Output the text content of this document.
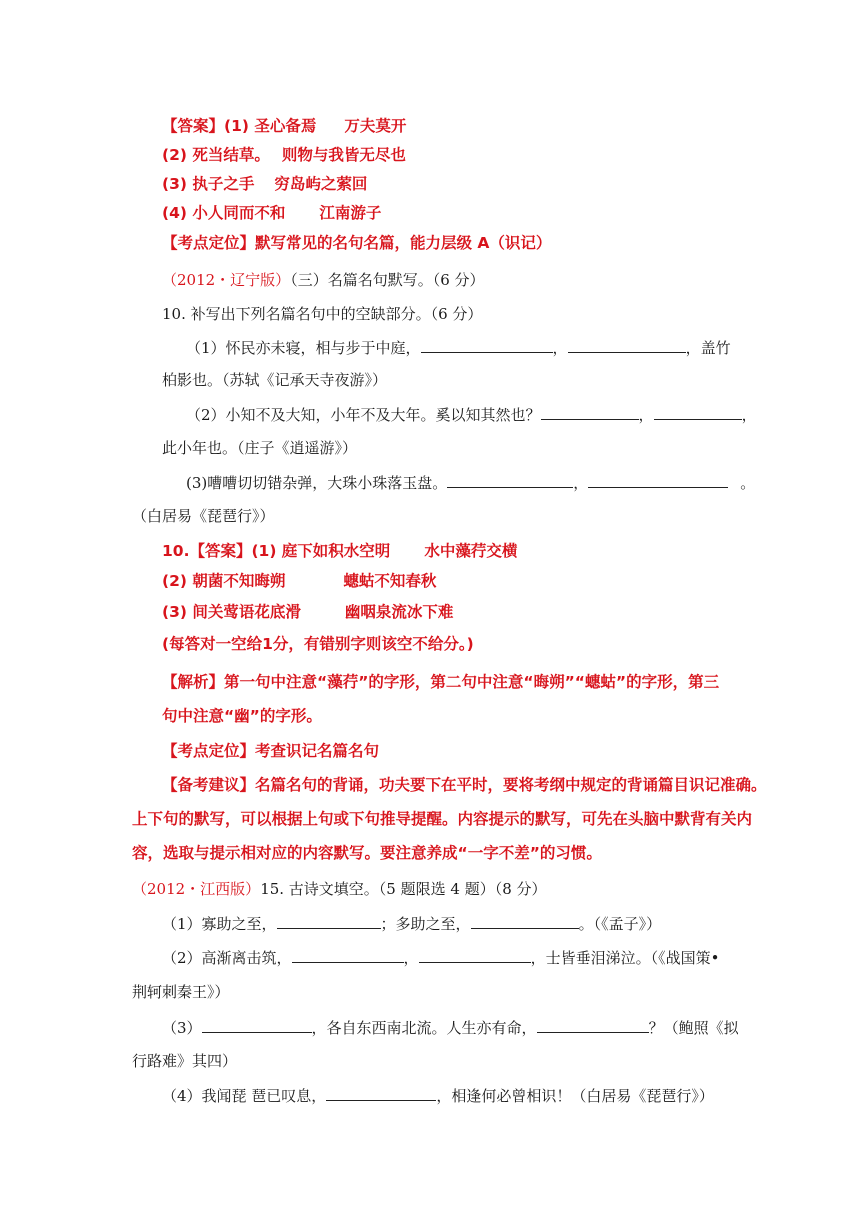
【答案】(1) 圣心备焉 万夫莫开
(2) 死当结草。 则物与我皆无尽也
(3) 执子之手 穷岛屿之萦回
(4) 小人同而不和 江南游子
【考点定位】默写常见的名句名篇，能力层级 A（识记）
（2012・辽宁版）（三）名篇名句默写。（6 分）
10. 补写出下列名篇名句中的空缺部分。（6 分）
（1）怀民亦未寝，相与步于中庭，	，	，盖竹
柏影也。（苏轼《记承天寺夜游》）
（2）小知不及大知，小年不及大年。奚以知其然也？	，	，
此小年也。（庄子《逍遥游》）
(3)嘈嘈切切错杂弹，大珠小珠落玉盘。	，	。
（白居易《琵琶行》）
10.【答案】(1) 庭下如积水空明 水中藻荇交横
(2) 朝菌不知晦朔	蟪蛄不知春秋
(3) 间关莺语花底滑	幽咽泉流冰下难
(每答对一空给1分，有错别字则该空不给分。)
【解析】第一句中注意“藻荇”的字形，第二句中注意“晦朔”“蟪蛄”的字形，第三
句中注意“幽”的字形。
【考点定位】考查识记名篇名句
【备考建议】名篇名句的背诵，功夫要下在平时，要将考纲中规定的背诵篇目识记准确。
上下句的默写，可以根据上句或下句推导提醒。内容提示的默写，可先在头脑中默背有关内
容，选取与提示相对应的内容默写。要注意养成“一字不差”的习惯。
（2012・江西版）15. 古诗文填空。（5 题限选 4 题）（8 分）
（1）寡助之至，	；多助之至，	。（《孟子》）
（2）高渐离击筑，	，	，士皆垂泪涕泣。（《战国策•
荆轲刺秦王》）
（3）	，各自东西南北流。人生亦有命，	？（鲍照《拟
行路难》其四）
（4）我闻琵 琶已叹息，	，相逢何必曾相识！（白居易《琵琶行》）
